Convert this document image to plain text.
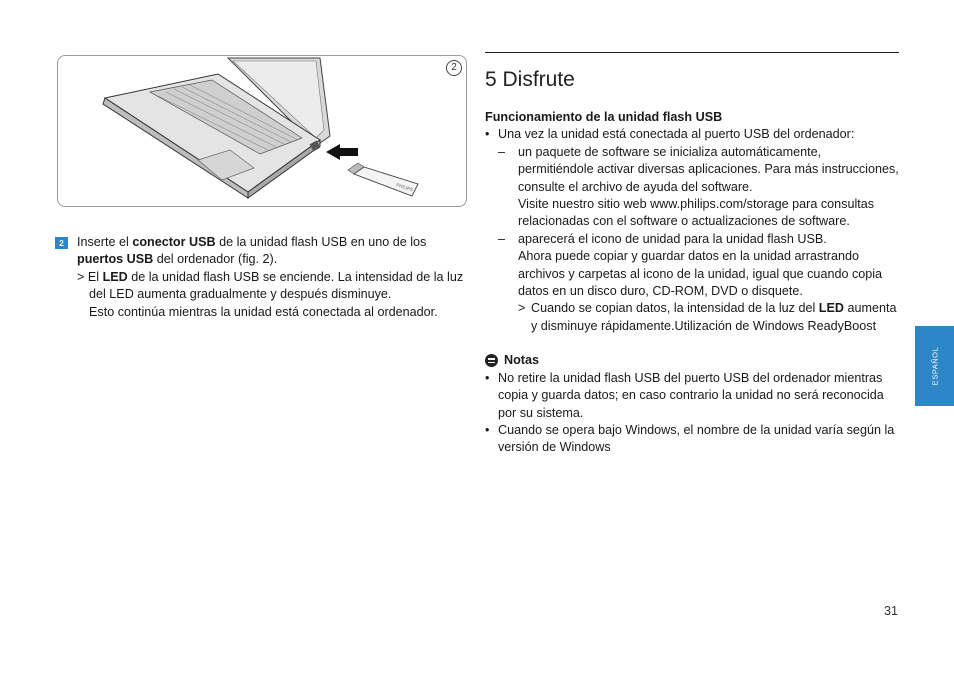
PHILIPS
2
2	Inserte el conector USB de la unidad flash USB en uno de los puertos USB del ordenador (fig. 2).
> El LED de la unidad flash USB se enciende. La intensidad de la luz del LED aumenta gradualmente y después disminuye.
Esto continúa mientras la unidad está conectada al ordenador.
5 Disfrute
Funcionamiento de la unidad flash USB
• Una vez la unidad está conectada al puerto USB del ordenador:
– un paquete de software se inicializa automáticamente, permitiéndole activar diversas aplicaciones. Para más instrucciones, consulte el archivo de ayuda del software.
Visite nuestro sitio web www.philips.com/storage para consultas relacionadas con el software o actualizaciones de software.
– aparecerá el icono de unidad para la unidad flash USB.
Ahora puede copiar y guardar datos en la unidad arrastrando archivos y carpetas al icono de la unidad, igual que cuando copia datos en un disco duro, CD-ROM, DVD o disquete.
> Cuando se copian datos, la intensidad de la luz del LED aumenta y disminuye rápidamente.Utilización de Windows ReadyBoost
Notas
• No retire la unidad flash USB del puerto USB del ordenador mientras copia y guarda datos; en caso contrario la unidad no será reconocida por su sistema.
• Cuando se opera bajo Windows, el nombre de la unidad varía según la versión de Windows
ESPAÑOL
31
